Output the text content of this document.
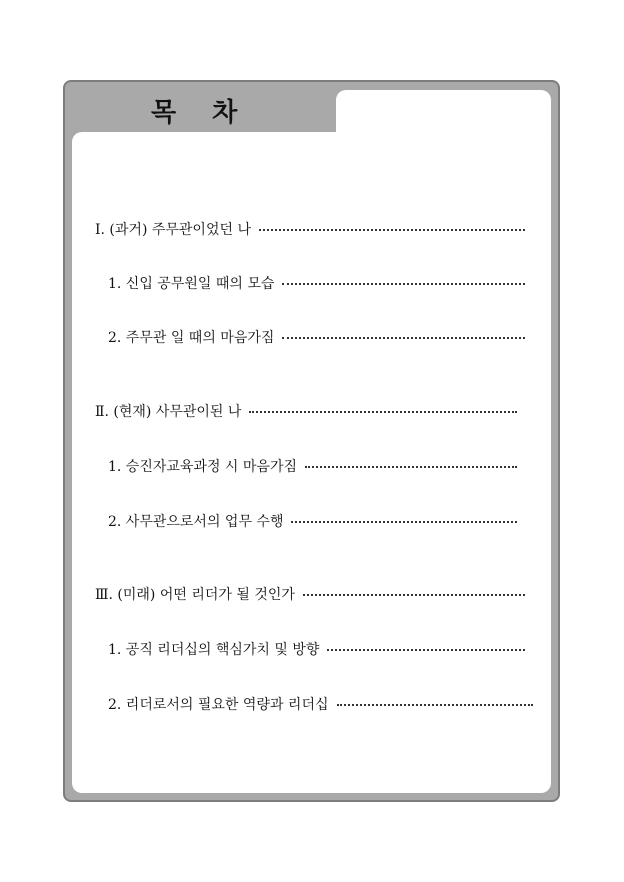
목 차
Ⅰ. (과거) 주무관이었던 나
1. 신입 공무원일 때의 모습
2. 주무관 일 때의 마음가짐
Ⅱ. (현재) 사무관이된 나
1. 승진자교육과정 시 마음가짐
2. 사무관으로서의 업무 수행
Ⅲ. (미래) 어떤 리더가 될 것인가
1. 공직 리더십의 핵심가치 및 방향
2. 리더로서의 필요한 역량과 리더십
